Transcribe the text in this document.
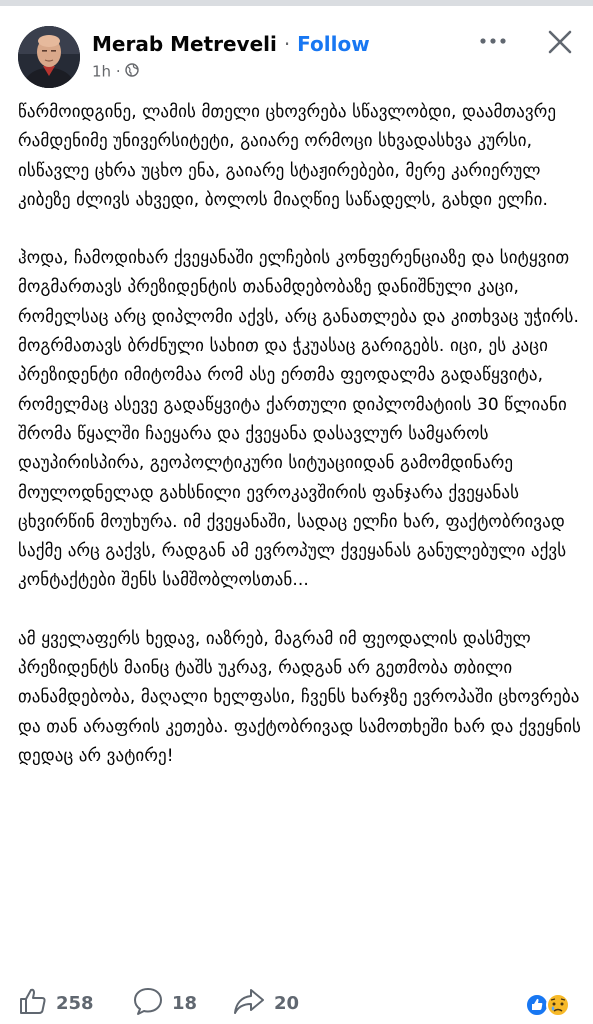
Merab Metreveli · Follow
1h ·

წარმოიდგინე, ლამის მთელი ცხოვრება სწავლობდი, დაამთავრე რამდენიმე უნივერსიტეტი, გაიარე ორმოცი სხვადასხვა კურსი, ისწავლე ცხრა უცხო ენა, გაიარე სტაჟირებები, მერე კარიერულ კიბეზე ძლივს ახვედი, ბოლოს მიაღწიე საწადელს, გახდი ელჩი.

ჰოდა, ჩამოდიხარ ქვეყანაში ელჩების კონფერენციაზე და სიტყვით მოგმართავს პრეზიდენტის თანამდებობაზე დანიშნული კაცი, რომელსაც არც დიპლომი აქვს, არც განათლება და კითხვაც უჭირს. მოგრმათავს ბრძნული სახით და ჭკუასაც გარიგებს. იცი, ეს კაცი პრეზიდენტი იმიტომაა რომ ასე ერთმა ფეოდალმა გადაწყვიტა, რომელმაც ასევე გადაწყვიტა ქართული დიპლომატიის 30 წლიანი შრომა წყალში ჩაეყარა და ქვეყანა დასავლურ სამყაროს დაუპირისპირა, გეოპოლტიკური სიტუაციიდან გამომდინარე მოულოდნელად გახსნილი ევროკავშირის ფანჯარა ქვეყანას ცხვირწინ მოუხურა. იმ ქვეყანაში, სადაც ელჩი ხარ, ფაქტობრივად საქმე არც გაქვს, რადგან ამ ევროპულ ქვეყანას განულებული აქვს კონტაქტები შენს სამშობლოსთან...

ამ ყველაფერს ხედავ, იაზრებ, მაგრამ იმ ფეოდალის დასმულ პრეზიდენტს მაინც ტაშს უკრავ, რადგან არ გეთმობა თბილი თანამდებობა, მაღალი ხელფასი, ჩვენს ხარჯზე ევროპაში ცხოვრება და თან არაფრის კეთება. ფაქტობრივად სამოთხეში ხარ და ქვეყნის დედაც არ ვატირე!

258	18	20
